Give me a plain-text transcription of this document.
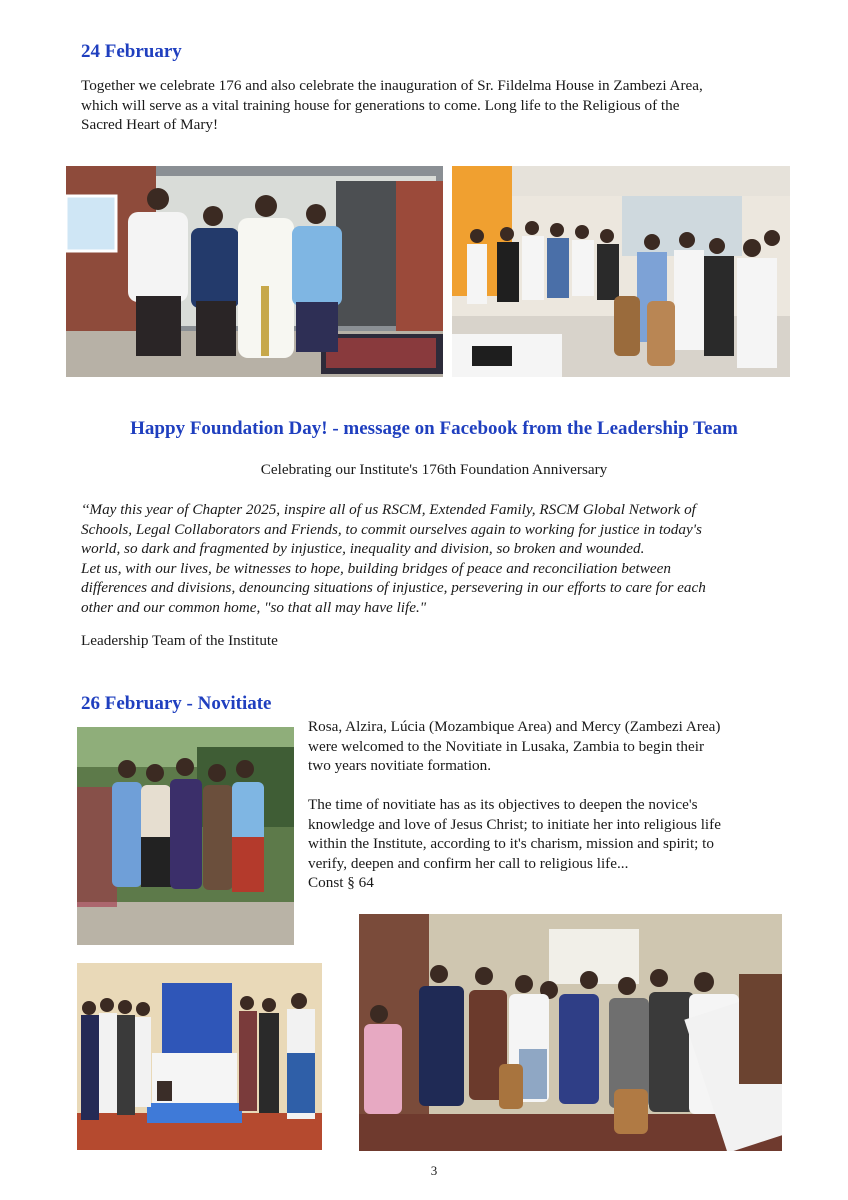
24 February
Together we celebrate 176 and also celebrate the inauguration of Sr. Fildelma House in Zambezi Area,
which will serve as a vital training house for generations to come. Long life to the Religious of the
Sacred Heart of Mary!
Happy Foundation Day! - message on Facebook from the Leadership Team
Celebrating our Institute's 176th Foundation Anniversary
‘‘May this year of Chapter 2025, inspire all of us RSCM, Extended Family, RSCM Global Network of
Schools, Legal Collaborators and Friends, to commit ourselves again to working for justice in today's
world, so dark and fragmented by injustice, inequality and division, so broken and wounded.
Let us, with our lives, be witnesses to hope, building bridges of peace and reconciliation between
differences and divisions, denouncing situations of injustice, persevering in our efforts to care for each
other and our common home, "so that all may have life."
Leadership Team of the Institute
26 February - Novitiate
Rosa, Alzira, Lúcia (Mozambique Area) and Mercy (Zambezi Area)
were welcomed to the Novitiate in Lusaka, Zambia to begin their
two years novitiate formation.
The time of novitiate has as its objectives to deepen the novice's
knowledge and love of Jesus Christ; to initiate her into religious life
within the Institute, according to it's charism, mission and spirit; to
verify, deepen and confirm her call to religious life...
Const § 64
3
